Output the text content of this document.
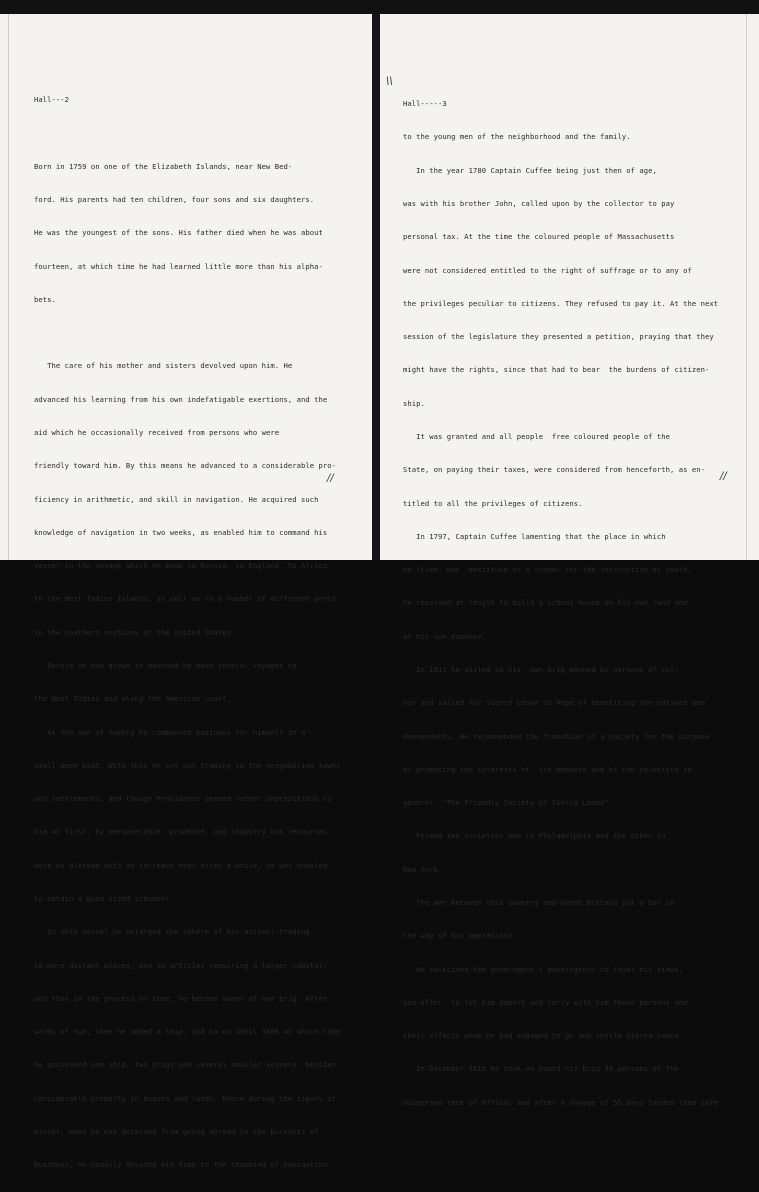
Hall---2

Born in 1759 on one of the Elizabeth Islands, near New Bed-

ford. His parents had ten children, four sons and six daughters.

He was the youngest of the sons. His father died when he was about

fourteen, at which time he had learned little more than his alpha-

bets.

The care of his mother and sisters devolved upon him. He

advanced his learning from his own indefatigable exertions, and the

aid which he occasionally received from persons who were

friendly toward him. By this means he advanced to a considerable pro-

ficiency in arithmetic, and skill in navigation. He acquired such

knowledge of navigation in two weeks, as enabled him to command his

vessel in the voyage which he made to Russia, to England, to Africa,

to the West Indies Islands, as well as to a number of different ports

in the southern sections of the United States.

Before he had grown to manhood he made several voyages to

the West Indies and along the American coast.

At the age of twenty he commenced business for himself in a

small open boat. With this he set out trading to the neighboring towns

and settlements; and though Providence seemed rather unpropitious to

him at first, by perseverance, prudence, and industry his resources

were so blessed with an increase that after a while, he was enabled

to obtain a good sized schooner.

In this vessel he enlarged the sphere of his action; trading

to more distant places, and in articles requiring a larger capital;

and thus in the process of time, he became owner of one brig. After-

wards of two, then he added a ship, and so on until 1806 at which time

he possessed one ship, two brigs and several smaller vessels, besides

considerable property in houses and lands. Hence during the rigors of

winter, when he was detained from going abroad in the pursuits of

business, he usually devoted his time to the teaching of navigation

//
\\

Hall-----3

to the young men of the neighborhood and the family.

In the year 1780 Captain Cuffee being just then of age,

was with his brother John, called upon by the collector to pay

personal tax. At the time the coloured people of Massachusetts

were not considered entitled to the right of suffrage or to any of

the privileges peculiar to citizens. They refused to pay it. At the next

session of the legislature they presented a petition, praying that they

might have the rights, since that had to bear  the burdens of citizen-

ship.

It was granted and all people  free coloured people of the

State, on paying their taxes, were considered from henceforth, as en-

titled to all the privileges of citizens.

In 1797, Captain Cuffee lamenting that the place in which

he lived, was  destitute of a school for the instruction of youth,

he resolved at length to build a school house on his own land and

at his own expense.

In 1811 he sailed in his  own brig manned by persons of col-

our and sailed for Sierra Leona in hope of benefiting the natives and

descendents. He recommended the fromation of a society for the purpose

of promoting the interests of  its members and of the colonists in

general. "The Friendly Society of Sierra Leona".

Formed two societies one in Philadelphia and the other in

New York.

The war between this country and Great Britain put a bar in

the way of his operations.

He solicited the government ( Washington) to favor his views,

and after  to let him depart and carry with him those persons and

their effects whom he had engaged to go and settle Sierra Leona.

In December 1815 he took on board his brig 38 persons of the

dispersed race of Africa; and after a voyage of 55 days landed them safe-

//
